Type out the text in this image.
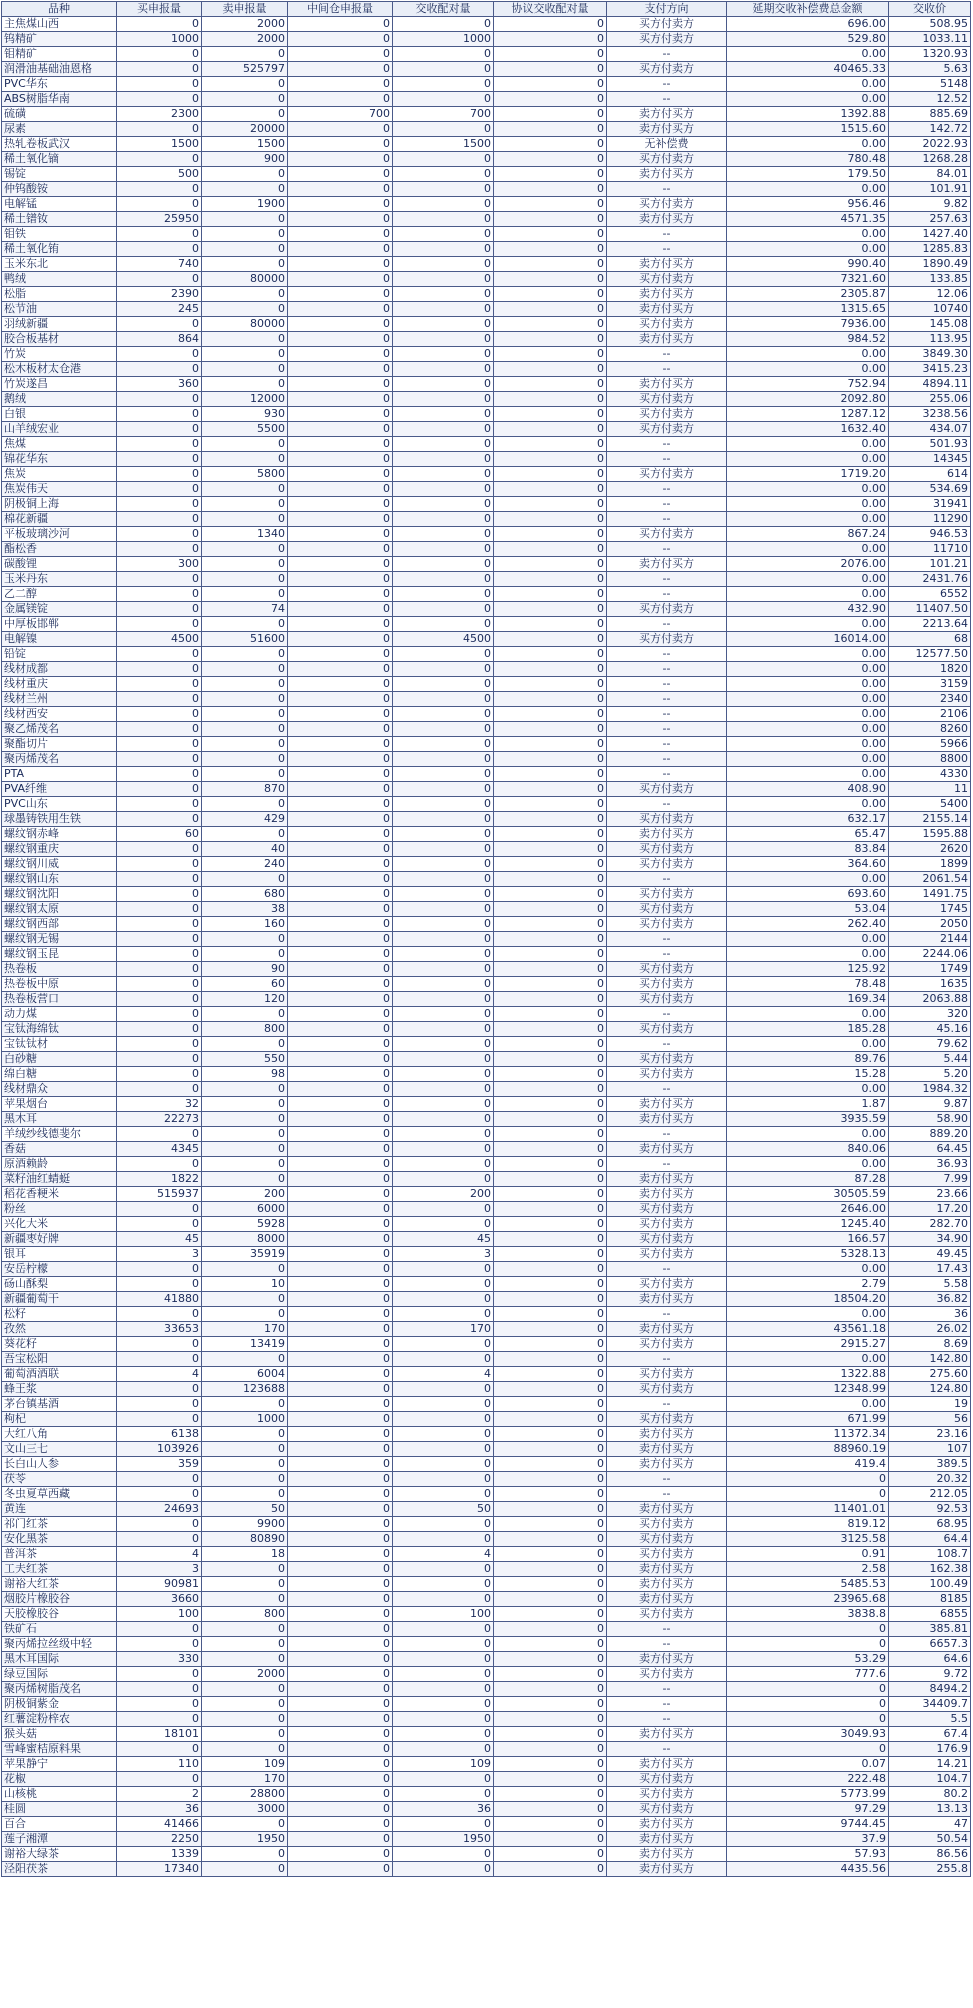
品种	买申报量	卖申报量	中间仓申报量	交收配对量	协议交收配对量	支付方向	延期交收补偿费总金额	交收价
主焦煤山西	0	2000	0	0	0	买方付卖方	696.00	508.95
钨精矿	1000	2000	0	1000	0	买方付卖方	529.80	1033.11
钼精矿	0	0	0	0	0	--	0.00	1320.93
润滑油基础油恩格	0	525797	0	0	0	买方付卖方	40465.33	5.63
PVC华东	0	0	0	0	0	--	0.00	5148
ABS树脂华南	0	0	0	0	0	--	0.00	12.52
硫磺	2300	0	700	700	0	卖方付买方	1392.88	885.69
尿素	0	20000	0	0	0	卖方付买方	1515.60	142.72
热轧卷板武汉	1500	1500	0	1500	0	无补偿费	0.00	2022.93
稀土氧化镝	0	900	0	0	0	买方付卖方	780.48	1268.28
锡锭	500	0	0	0	0	卖方付买方	179.50	84.01
仲钨酸铵	0	0	0	0	0	--	0.00	101.91
电解锰	0	1900	0	0	0	买方付卖方	956.46	9.82
稀土镨钕	25950	0	0	0	0	卖方付买方	4571.35	257.63
钼铁	0	0	0	0	0	--	0.00	1427.40
稀土氧化铕	0	0	0	0	0	--	0.00	1285.83
玉米东北	740	0	0	0	0	卖方付买方	990.40	1890.49
鸭绒	0	80000	0	0	0	买方付卖方	7321.60	133.85
松脂	2390	0	0	0	0	卖方付买方	2305.87	12.06
松节油	245	0	0	0	0	卖方付买方	1315.65	10740
羽绒新疆	0	80000	0	0	0	买方付卖方	7936.00	145.08
胶合板基材	864	0	0	0	0	卖方付买方	984.52	113.95
竹炭	0	0	0	0	0	--	0.00	3849.30
松木板材太仓港	0	0	0	0	0	--	0.00	3415.23
竹炭遂昌	360	0	0	0	0	卖方付买方	752.94	4894.11
鹅绒	0	12000	0	0	0	买方付卖方	2092.80	255.06
白银	0	930	0	0	0	买方付卖方	1287.12	3238.56
山羊绒宏业	0	5500	0	0	0	买方付卖方	1632.40	434.07
焦煤	0	0	0	0	0	--	0.00	501.93
锦花华东	0	0	0	0	0	--	0.00	14345
焦炭	0	5800	0	0	0	买方付卖方	1719.20	614
焦炭伟天	0	0	0	0	0	--	0.00	534.69
阴极铜上海	0	0	0	0	0	--	0.00	31941
棉花新疆	0	0	0	0	0	--	0.00	11290
平板玻璃沙河	0	1340	0	0	0	买方付卖方	867.24	946.53
酯松香	0	0	0	0	0	--	0.00	11710
碳酸锂	300	0	0	0	0	卖方付买方	2076.00	101.21
玉米丹东	0	0	0	0	0	--	0.00	2431.76
乙二醇	0	0	0	0	0	--	0.00	6552
金属镁锭	0	74	0	0	0	买方付卖方	432.90	11407.50
中厚板邯郸	0	0	0	0	0	--	0.00	2213.64
电解镍	4500	51600	0	4500	0	买方付卖方	16014.00	68
铅锭	0	0	0	0	0	--	0.00	12577.50
线材成都	0	0	0	0	0	--	0.00	1820
线材重庆	0	0	0	0	0	--	0.00	3159
线材兰州	0	0	0	0	0	--	0.00	2340
线材西安	0	0	0	0	0	--	0.00	2106
聚乙烯茂名	0	0	0	0	0	--	0.00	8260
聚酯切片	0	0	0	0	0	--	0.00	5966
聚丙烯茂名	0	0	0	0	0	--	0.00	8800
PTA	0	0	0	0	0	--	0.00	4330
PVA纤维	0	870	0	0	0	买方付卖方	408.90	11
PVC山东	0	0	0	0	0	--	0.00	5400
球墨铸铁用生铁	0	429	0	0	0	买方付卖方	632.17	2155.14
螺纹钢赤峰	60	0	0	0	0	卖方付买方	65.47	1595.88
螺纹钢重庆	0	40	0	0	0	买方付卖方	83.84	2620
螺纹钢川威	0	240	0	0	0	买方付卖方	364.60	1899
螺纹钢山东	0	0	0	0	0	--	0.00	2061.54
螺纹钢沈阳	0	680	0	0	0	买方付卖方	693.60	1491.75
螺纹钢太原	0	38	0	0	0	买方付卖方	53.04	1745
螺纹钢西部	0	160	0	0	0	买方付卖方	262.40	2050
螺纹钢无锡	0	0	0	0	0	--	0.00	2144
螺纹钢玉昆	0	0	0	0	0	--	0.00	2244.06
热卷板	0	90	0	0	0	买方付卖方	125.92	1749
热卷板中原	0	60	0	0	0	买方付卖方	78.48	1635
热卷板营口	0	120	0	0	0	买方付卖方	169.34	2063.88
动力煤	0	0	0	0	0	--	0.00	320
宝钛海绵钛	0	800	0	0	0	买方付卖方	185.28	45.16
宝钛钛材	0	0	0	0	0	--	0.00	79.62
白砂糖	0	550	0	0	0	买方付卖方	89.76	5.44
绵白糖	0	98	0	0	0	买方付卖方	15.28	5.20
线材鼎众	0	0	0	0	0	--	0.00	1984.32
苹果烟台	32	0	0	0	0	卖方付买方	1.87	9.87
黑木耳	22273	0	0	0	0	卖方付买方	3935.59	58.90
羊绒纱线德斐尔	0	0	0	0	0	--	0.00	889.20
香菇	4345	0	0	0	0	卖方付买方	840.06	64.45
原酒赖龄	0	0	0	0	0	--	0.00	36.93
菜籽油红蜻蜓	1822	0	0	0	0	卖方付买方	87.28	7.99
稻花香粳米	515937	200	0	200	0	卖方付买方	30505.59	23.66
粉丝	0	6000	0	0	0	买方付卖方	2646.00	17.20
兴化大米	0	5928	0	0	0	买方付卖方	1245.40	282.70
新疆枣好牌	45	8000	0	45	0	买方付卖方	166.57	34.90
银耳	3	35919	0	3	0	买方付卖方	5328.13	49.45
安岳柠檬	0	0	0	0	0	--	0.00	17.43
砀山酥梨	0	10	0	0	0	买方付卖方	2.79	5.58
新疆葡萄干	41880	0	0	0	0	卖方付买方	18504.20	36.82
松籽	0	0	0	0	0	--	0.00	36
孜然	33653	170	0	170	0	卖方付买方	43561.18	26.02
葵花籽	0	13419	0	0	0	买方付卖方	2915.27	8.69
吾宝松阳	0	0	0	0	0	--	0.00	142.80
葡萄酒酒联	4	6004	0	4	0	买方付卖方	1322.88	275.60
蜂王浆	0	123688	0	0	0	买方付卖方	12348.99	124.80
茅台镇基酒	0	0	0	0	0	--	0.00	19
枸杞	0	1000	0	0	0	买方付卖方	671.99	56
大红八角	6138	0	0	0	0	卖方付买方	11372.34	23.16
文山三七	103926	0	0	0	0	卖方付买方	88960.19	107
长白山人参	359	0	0	0	0	卖方付买方	419.4	389.5
茯苓	0	0	0	0	0	--	0	20.32
冬虫夏草西藏	0	0	0	0	0	--	0	212.05
黄连	24693	50	0	50	0	卖方付买方	11401.01	92.53
祁门红茶	0	9900	0	0	0	买方付卖方	819.12	68.95
安化黑茶	0	80890	0	0	0	买方付卖方	3125.58	64.4
普洱茶	4	18	0	4	0	买方付卖方	0.91	108.7
工夫红茶	3	0	0	0	0	卖方付买方	2.58	162.38
谢裕大红茶	90981	0	0	0	0	卖方付买方	5485.53	100.49
烟胶片橡胶谷	3660	0	0	0	0	卖方付买方	23965.68	8185
天胶橡胶谷	100	800	0	100	0	买方付卖方	3838.8	6855
铁矿石	0	0	0	0	0	--	0	385.81
聚丙烯拉丝级中轻	0	0	0	0	0	--	0	6657.3
黑木耳国际	330	0	0	0	0	卖方付买方	53.29	64.6
绿豆国际	0	2000	0	0	0	买方付卖方	777.6	9.72
聚丙烯树脂茂名	0	0	0	0	0	--	0	8494.2
阴极铜紫金	0	0	0	0	0	--	0	34409.7
红薯淀粉梓农	0	0	0	0	0	--	0	5.5
猴头菇	18101	0	0	0	0	卖方付买方	3049.93	67.4
雪峰蜜桔原料果	0	0	0	0	0	--	0	176.9
苹果静宁	110	109	0	109	0	卖方付买方	0.07	14.21
花椒	0	170	0	0	0	买方付卖方	222.48	104.7
山核桃	2	28800	0	0	0	买方付卖方	5773.99	80.2
桂圆	36	3000	0	36	0	买方付卖方	97.29	13.13
百合	41466	0	0	0	0	卖方付买方	9744.45	47
莲子湘潭	2250	1950	0	1950	0	卖方付买方	37.9	50.54
谢裕大绿茶	1339	0	0	0	0	卖方付买方	57.93	86.56
泾阳茯茶	17340	0	0	0	0	卖方付买方	4435.56	255.8
